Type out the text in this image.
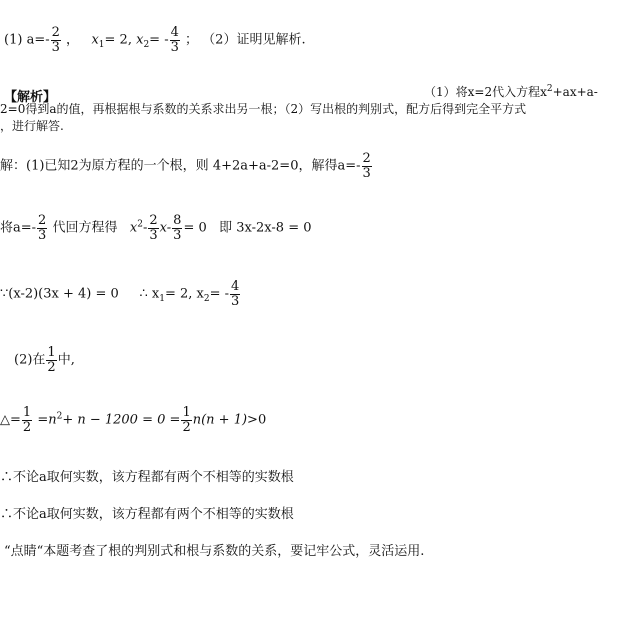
(1) $a=- \frac{2}{3}$ ， $x_1= 2$, $x_2= - \frac{4}{3}$ ； （2）证明见解析.
【解析】	（1）将x=2代入方程$x^2+ax+a-$
2=0得到a的值，再根据根与系数的关系求出另一根；（2）写出根的判别式，配方后得到完全平方式
，进行解答.
解：(1)已知2为原方程的一个根，则 4+2a+a-2=0，解得$a=- \frac{2}{3}$
将$a=- \frac{2}{3}$ 代回方程得 $x^2- \frac{2}{3} x- \frac{8}{3} = 0$ 即 3x-2x-8 = 0
∵(x-2)(3x + 4) = 0 ∴ $x_1= 2$, $x_2= - \frac{4}{3}$
(2)在 $\frac{1}{2}$ 中,
△= $\frac{1}{2} =n^2+ n - 1200 = 0 = \frac{1}{2} n(n + 1)>0$
∴不论a取何实数，该方程都有两个不相等的实数根
∴不论a取何实数，该方程都有两个不相等的实数根
“点睛“本题考查了根的判别式和根与系数的关系，要记牢公式，灵活运用.
